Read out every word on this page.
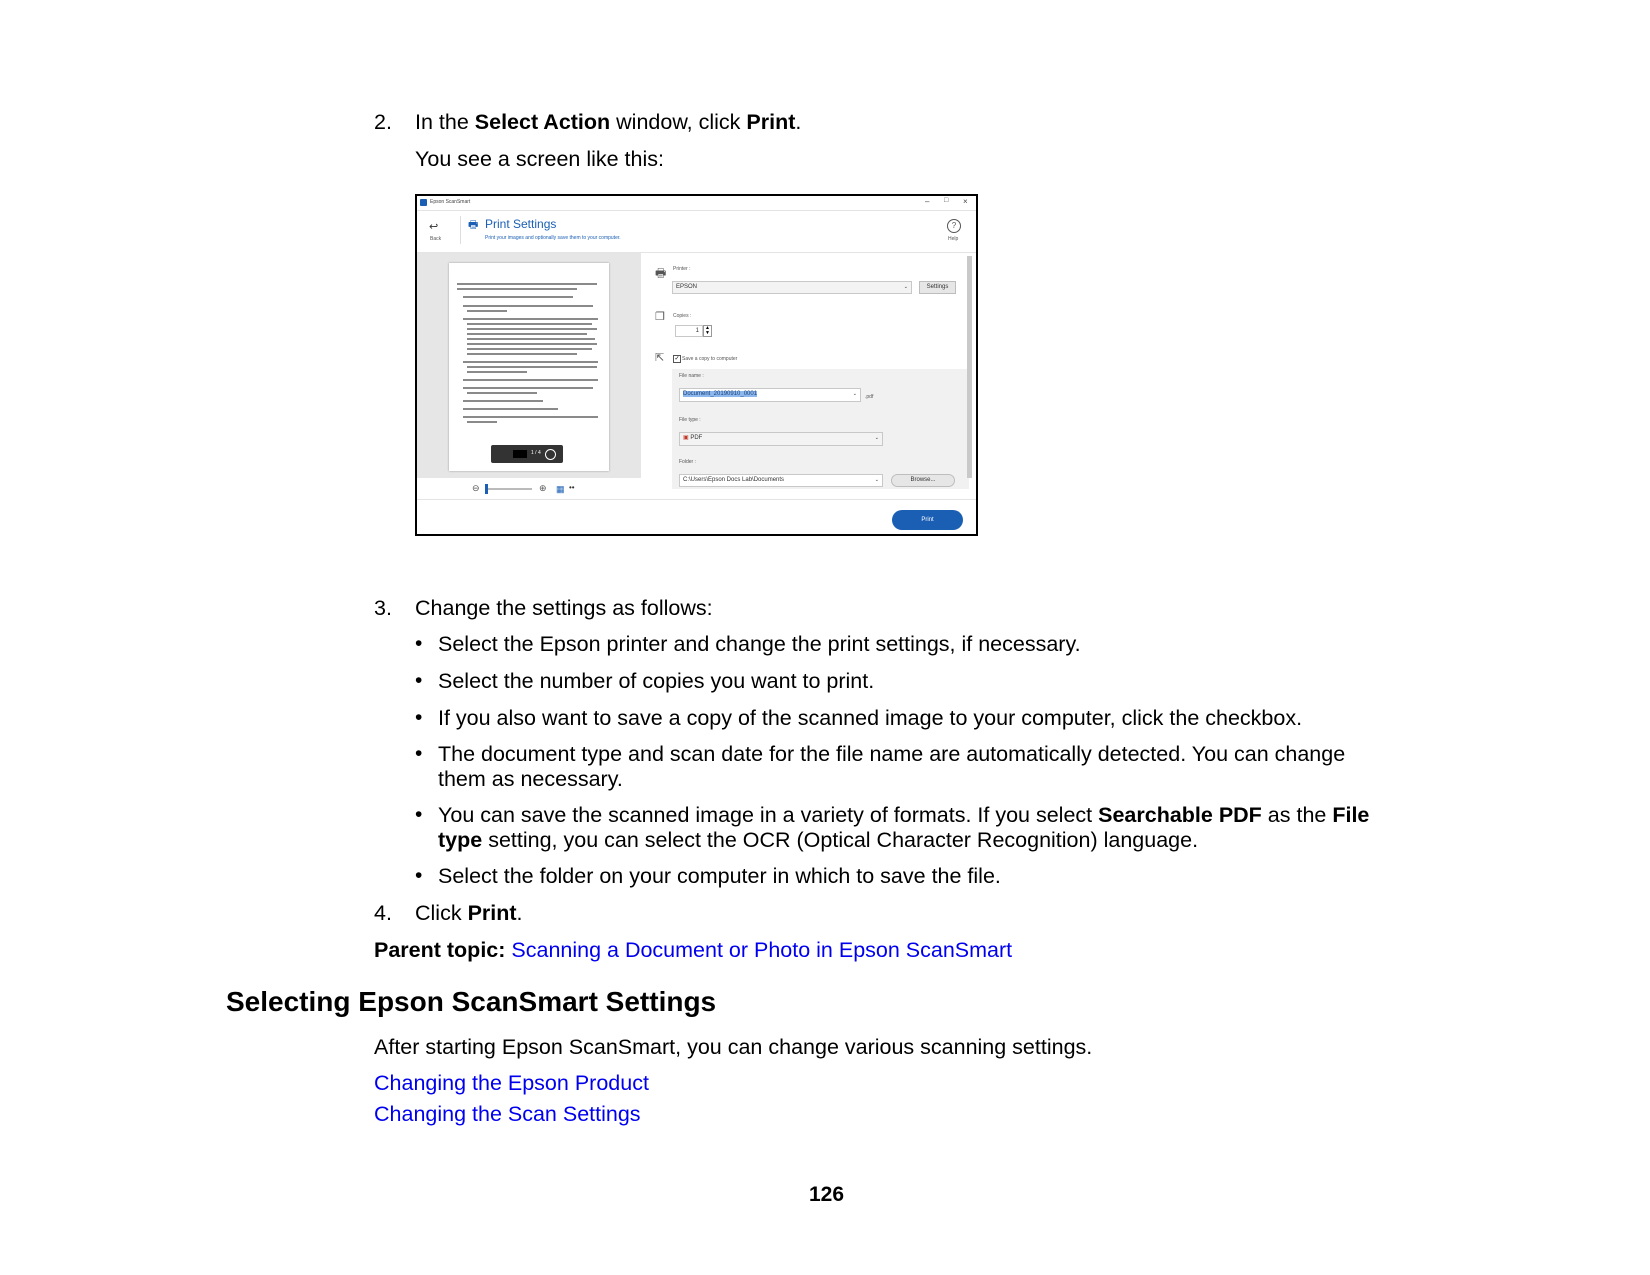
2. In the Select Action window, click Print.
You see a screen like this:
Epson ScanSmart	– □ ×
↩
Back
🖶 Print Settings
Print your images and optionally save them to your computer.
?
Help
1 / 4
⊖	⊕ ▦ ••
🖶 Printer :
EPSON	⌄	Settings
❐ Copies :
1	▲
▼
⇱ ✓ Save a copy to computer
File name :
Document_20190910_0001	⌄ .pdf
File type :
▣ PDF	⌄
Folder :
C:\Users\Epson Docs Lab\Documents	⌄	Browse...
Print
3. Change the settings as follows:
• Select the Epson printer and change the print settings, if necessary.
• Select the number of copies you want to print.
• If you also want to save a copy of the scanned image to your computer, click the checkbox.
• The document type and scan date for the file name are automatically detected. You can change
them as necessary.
• You can save the scanned image in a variety of formats. If you select Searchable PDF as the File
type setting, you can select the OCR (Optical Character Recognition) language.
• Select the folder on your computer in which to save the file.
4. Click Print.
Parent topic: Scanning a Document or Photo in Epson ScanSmart
Selecting Epson ScanSmart Settings
After starting Epson ScanSmart, you can change various scanning settings.
Changing the Epson Product
Changing the Scan Settings
126
